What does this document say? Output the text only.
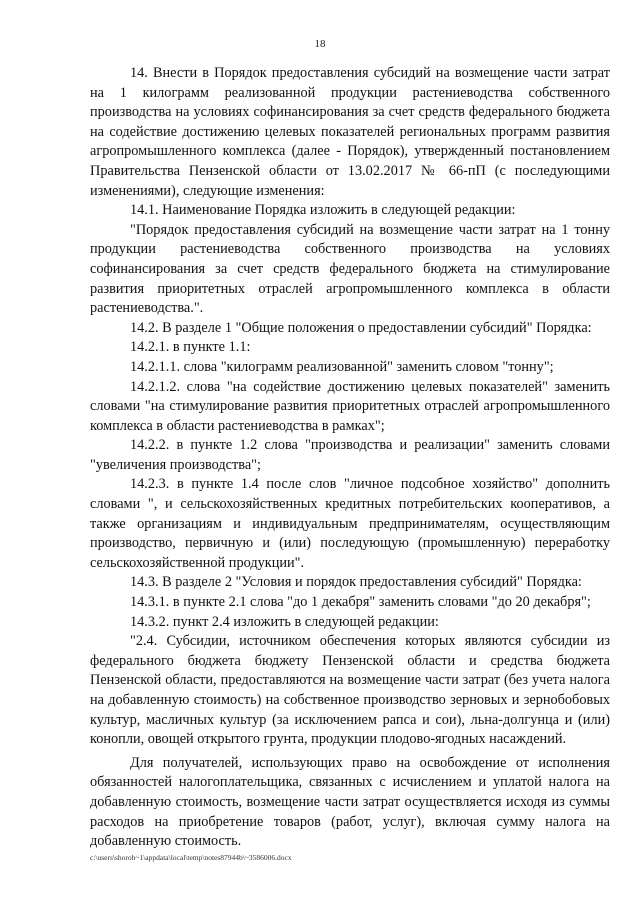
18

14. Внести в Порядок предоставления субсидий на возмещение части затрат на 1 килограмм реализованной продукции растениеводства собственного производства на условиях софинансирования за счет средств федерального бюджета на содействие достижению целевых показателей региональных программ развития агропромышленного комплекса (далее - Порядок), утвержденный постановлением Правительства Пензенской области от 13.02.2017 № 66-пП (с последующими изменениями), следующие изменения:

14.1. Наименование Порядка изложить в следующей редакции:

"Порядок предоставления субсидий на возмещение части затрат на 1 тонну продукции растениеводства собственного производства на условиях софинансирования за счет средств федерального бюджета на стимулирование развития приоритетных отраслей агропромышленного комплекса в области растениеводства.".

14.2. В разделе 1 "Общие положения о предоставлении субсидий" Порядка:

14.2.1. в пункте 1.1:

14.2.1.1. слова "килограмм реализованной" заменить словом "тонну";

14.2.1.2. слова "на содействие достижению целевых показателей" заменить словами "на стимулирование развития приоритетных отраслей агропромышленного комплекса в области растениеводства в рамках";

14.2.2. в пункте 1.2 слова "производства и реализации" заменить словами "увеличения производства";

14.2.3. в пункте 1.4 после слов "личное подсобное хозяйство" дополнить словами ", и сельскохозяйственных кредитных потребительских кооперативов, а также организациям и индивидуальным предпринимателям, осуществляющим производство, первичную и (или) последующую (промышленную) переработку сельскохозяйственной продукции".

14.3. В разделе 2 "Условия и порядок предоставления субсидий" Порядка:

14.3.1. в пункте 2.1 слова "до 1 декабря" заменить словами "до 20 декабря";

14.3.2. пункт 2.4 изложить в следующей редакции:

"2.4. Субсидии, источником обеспечения которых являются субсидии из федерального бюджета бюджету Пензенской области и средства бюджета Пензенской области, предоставляются на возмещение части затрат (без учета налога на добавленную стоимость) на собственное производство зерновых и зернобобовых культур, масличных культур (за исключением рапса и сои), льна-долгунца и (или) конопли, овощей открытого грунта, продукции плодово-ягодных насаждений.

Для получателей, использующих право на освобождение от исполнения обязанностей налогоплательщика, связанных с исчислением и уплатой налога на добавленную стоимость, возмещение части затрат осуществляется исходя из суммы расходов на приобретение товаров (работ, услуг), включая сумму налога на добавленную стоимость.

c:\users\shoroh~1\appdata\local\temp\notes87944b\~3586006.docx
